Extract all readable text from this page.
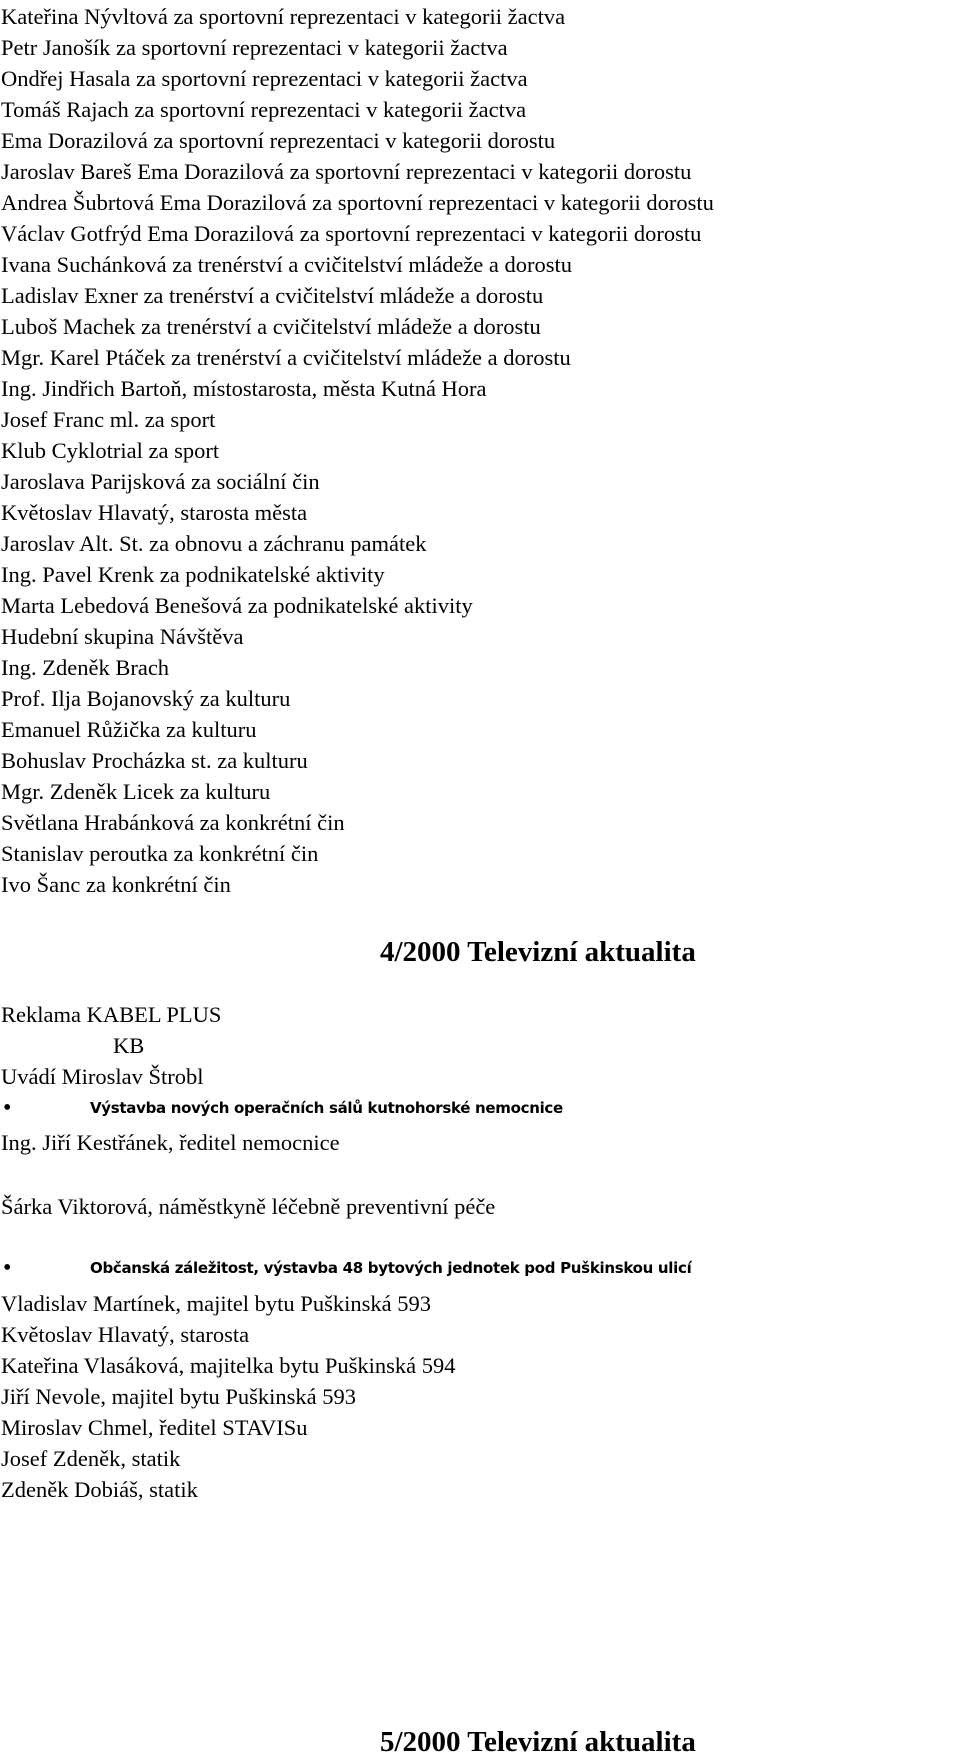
Kateřina Nývltová za sportovní reprezentaci v kategorii žactva
Petr Janošík za sportovní reprezentaci v kategorii žactva
Ondřej Hasala za sportovní reprezentaci v kategorii žactva
Tomáš Rajach za sportovní reprezentaci v kategorii žactva
Ema Dorazilová za sportovní reprezentaci v kategorii dorostu
Jaroslav Bareš Ema Dorazilová za sportovní reprezentaci v kategorii dorostu
Andrea Šubrtová Ema Dorazilová za sportovní reprezentaci v kategorii dorostu
Václav Gotfrýd Ema Dorazilová za sportovní reprezentaci v kategorii dorostu
Ivana Suchánková za trenérství a cvičitelství mládeže a dorostu
Ladislav Exner za trenérství a cvičitelství mládeže a dorostu
Luboš Machek za trenérství a cvičitelství mládeže a dorostu
Mgr. Karel Ptáček za trenérství a cvičitelství mládeže a dorostu
Ing. Jindřich Bartoň, místostarosta, města Kutná Hora
Josef Franc ml. za sport
Klub Cyklotrial za sport
Jaroslava Parijsková za sociální čin
Květoslav Hlavatý, starosta města
Jaroslav Alt. St. za obnovu a záchranu památek
Ing. Pavel Krenk za podnikatelské aktivity
Marta Lebedová Benešová za podnikatelské aktivity
Hudební skupina Návštěva
Ing. Zdeněk Brach
Prof. Ilja Bojanovský za kulturu
Emanuel Růžička za kulturu
Bohuslav Procházka st. za kulturu
Mgr. Zdeněk Licek za kulturu
Světlana Hrabánková za konkrétní čin
Stanislav peroutka za konkrétní čin
Ivo Šanc za konkrétní čin
4/2000 Televizní aktualita
Reklama KABEL PLUS
KB
Uvádí Miroslav Štrobl
•	Výstavba nových operačních sálů kutnohorské nemocnice
Ing. Jiří Kestřánek, ředitel nemocnice
Šárka Viktorová, náměstkyně léčebně preventivní péče
•	Občanská záležitost, výstavba 48 bytových jednotek pod Puškinskou ulicí
Vladislav Martínek, majitel bytu Puškinská 593
Květoslav Hlavatý, starosta
Kateřina Vlasáková, majitelka bytu Puškinská 594
Jiří Nevole, majitel bytu Puškinská 593
Miroslav Chmel, ředitel STAVISu
Josef Zdeněk, statik
Zdeněk Dobiáš, statik
5/2000 Televizní aktualita
